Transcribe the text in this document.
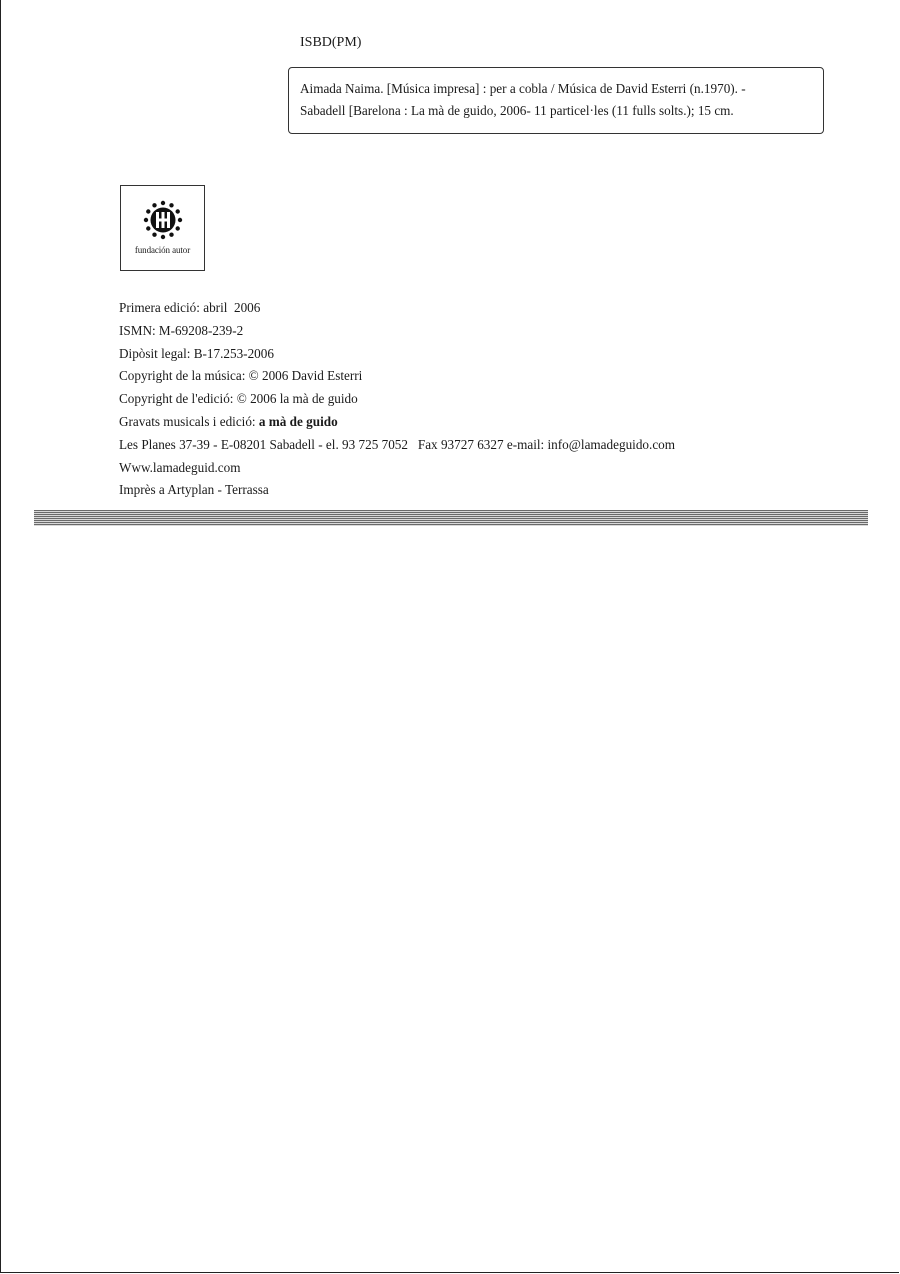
ISBD(PM)
Aimada Naima. [Música impresa] : per a cobla / Música de David Esterri (n.1970). -
Sabadell [Barelona : La mà de guido, 2006- 11 particel·les (11 fulls solts.); 15 cm.
fundación autor
Primera edició: abril  2006
ISMN: M-69208-239-2
Dipòsit legal: B-17.253-2006
Copyright de la música: © 2006 David Esterri
Copyright de l'edició: © 2006 la mà de guido
Gravats musicals i edició: a mà de guido
Les Planes 37-39 - E-08201 Sabadell - el. 93 725 7052   Fax 93727 6327 e-mail: info@lamadeguido.com
Www.lamadeguid.com
Imprès a Artyplan - Terrassa
